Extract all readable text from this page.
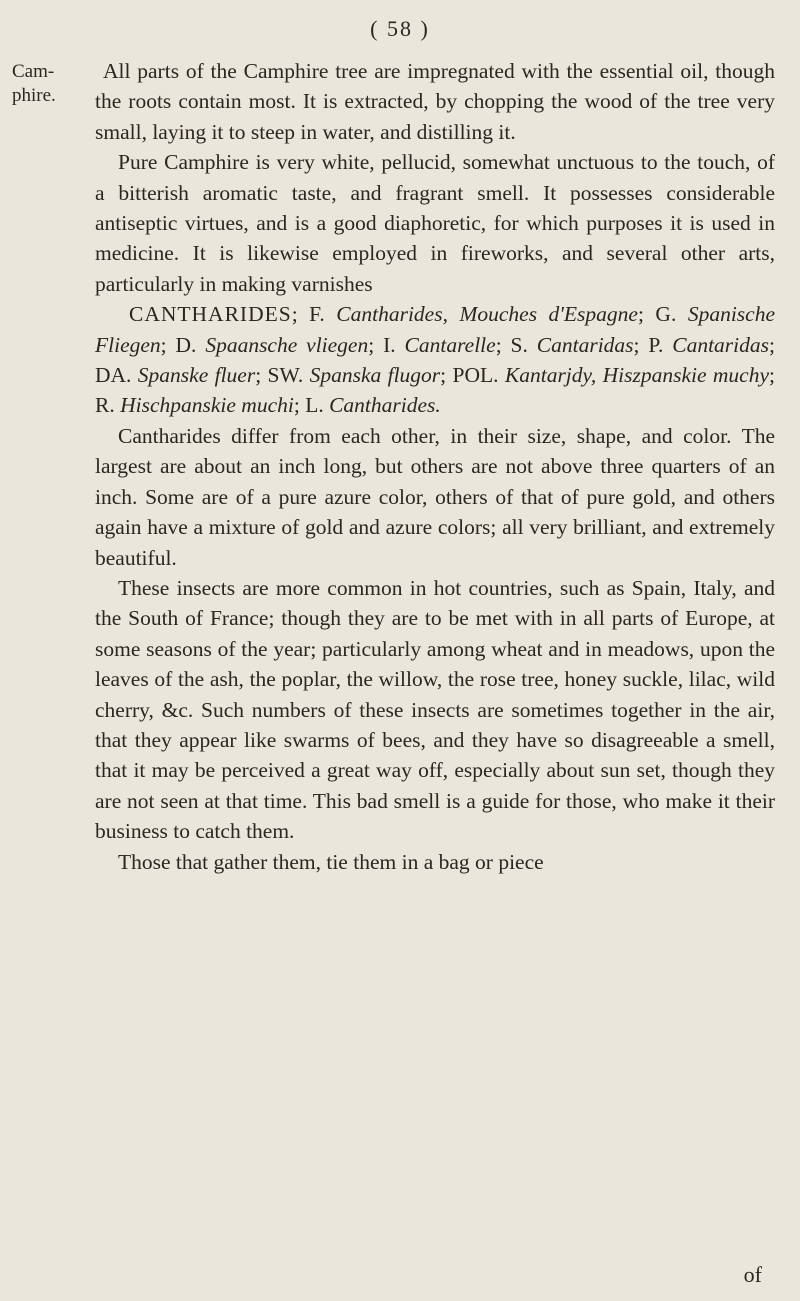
( 58 )
Cam-
phire.

All parts of the Camphire tree are impregnated with the essential oil, though the roots contain most. It is extracted, by chopping the wood of the tree very small, laying it to steep in water, and distilling it.

Pure Camphire is very white, pellucid, somewhat unctuous to the touch, of a bitterish aromatic taste, and fragrant smell. It possesses considerable antiseptic virtues, and is a good diaphoretic, for which purposes it is used in medicine. It is likewise employed in fireworks, and several other arts, particularly in making varnishes

CANTHARIDES; F. Cantharides, Mouches d'Espagne; G. Spanische Fliegen; D. Spaansche vliegen; I. Cantarelle; S. Cantaridas; P. Cantaridas; DA. Spanske fluer; SW. Spanska flugor; POL. Kantarjdy, Hiszpanskie muchy; R. Hischpanskie muchi; L. Cantharides.

Cantharides differ from each other, in their size, shape, and color. The largest are about an inch long, but others are not above three quarters of an inch. Some are of a pure azure color, others of that of pure gold, and others again have a mixture of gold and azure colors; all very brilliant, and extremely beautiful.

These insects are more common in hot countries, such as Spain, Italy, and the South of France; though they are to be met with in all parts of Europe, at some seasons of the year; particularly among wheat and in meadows, upon the leaves of the ash, the poplar, the willow, the rose tree, honey suckle, lilac, wild cherry, &c. Such numbers of these insects are sometimes together in the air, that they appear like swarms of bees, and they have so disagreeable a smell, that it may be perceived a great way off, especially about sun set, though they are not seen at that time. This bad smell is a guide for those, who make it their business to catch them.

Those that gather them, tie them in a bag or piece

of
